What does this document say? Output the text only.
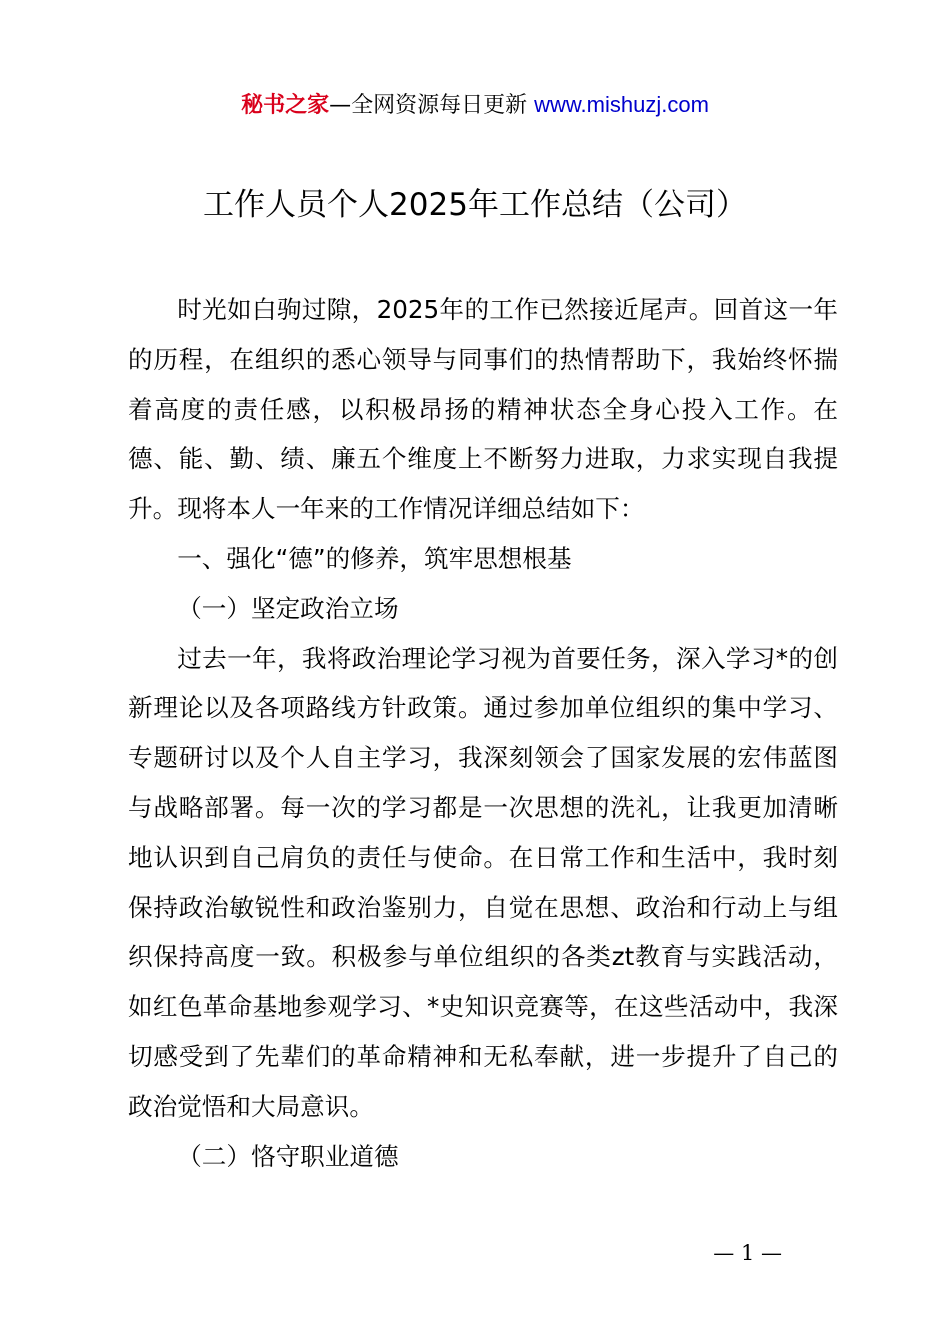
秘书之家—全网资源每日更新 www.mishuzj.com
工作人员个人2025年工作总结（公司）

时光如白驹过隙，2025年的工作已然接近尾声。回首这一年的历程，在组织的悉心领导与同事们的热情帮助下，我始终怀揣着高度的责任感，以积极昂扬的精神状态全身心投入工作。在德、能、勤、绩、廉五个维度上不断努力进取，力求实现自我提升。现将本人一年来的工作情况详细总结如下：

一、强化“德”的修养，筑牢思想根基

（一）坚定政治立场

过去一年，我将政治理论学习视为首要任务，深入学习*的创新理论以及各项路线方针政策。通过参加单位组织的集中学习、专题研讨以及个人自主学习，我深刻领会了国家发展的宏伟蓝图与战略部署。每一次的学习都是一次思想的洗礼，让我更加清晰地认识到自己肩负的责任与使命。在日常工作和生活中，我时刻保持政治敏锐性和政治鉴别力，自觉在思想、政治和行动上与组织保持高度一致。积极参与单位组织的各类zt教育与实践活动，如红色革命基地参观学习、*史知识竞赛等，在这些活动中，我深切感受到了先辈们的革命精神和无私奉献，进一步提升了自己的政治觉悟和大局意识。

（二）恪守职业道德

— 1 —
